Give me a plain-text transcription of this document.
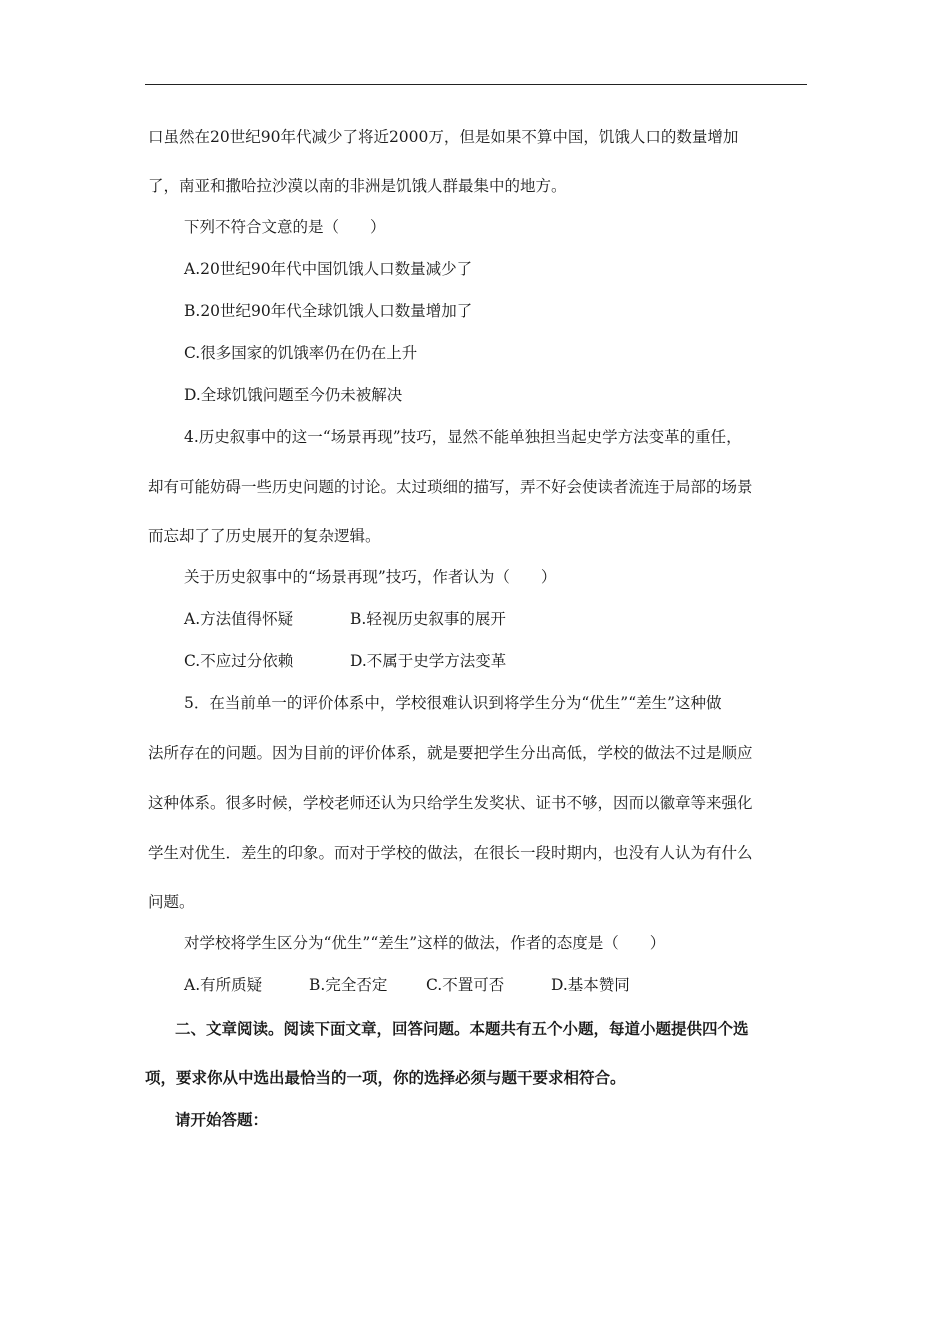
口虽然在20世纪90年代减少了将近2000万，但是如果不算中国，饥饿人口的数量增加
了，南亚和撒哈拉沙漠以南的非洲是饥饿人群最集中的地方。
下列不符合文意的是（　　）
A.20世纪90年代中国饥饿人口数量减少了
B.20世纪90年代全球饥饿人口数量增加了
C.很多国家的饥饿率仍在仍在上升
D.全球饥饿问题至今仍未被解决
4.历史叙事中的这一“场景再现”技巧，显然不能单独担当起史学方法变革的重任，
却有可能妨碍一些历史问题的讨论。太过琐细的描写，弄不好会使读者流连于局部的场景
而忘却了了历史展开的复杂逻辑。
关于历史叙事中的“场景再现”技巧，作者认为（　　）
A.方法值得怀疑	B.轻视历史叙事的展开
C.不应过分依赖	D.不属于史学方法变革
5．在当前单一的评价体系中，学校很难认识到将学生分为“优生”“差生”这种做
法所存在的问题。因为目前的评价体系，就是要把学生分出高低，学校的做法不过是顺应
这种体系。很多时候，学校老师还认为只给学生发奖状、证书不够，因而以徽章等来强化
学生对优生．差生的印象。而对于学校的做法，在很长一段时期内，也没有人认为有什么
问题。
对学校将学生区分为“优生”“差生”这样的做法，作者的态度是（　　）
A.有所质疑	B.完全否定 C.不置可否	D.基本赞同
二、文章阅读。阅读下面文章，回答问题。本题共有五个小题，每道小题提供四个选
项，要求你从中选出最恰当的一项，你的选择必须与题干要求相符合。
请开始答题：
